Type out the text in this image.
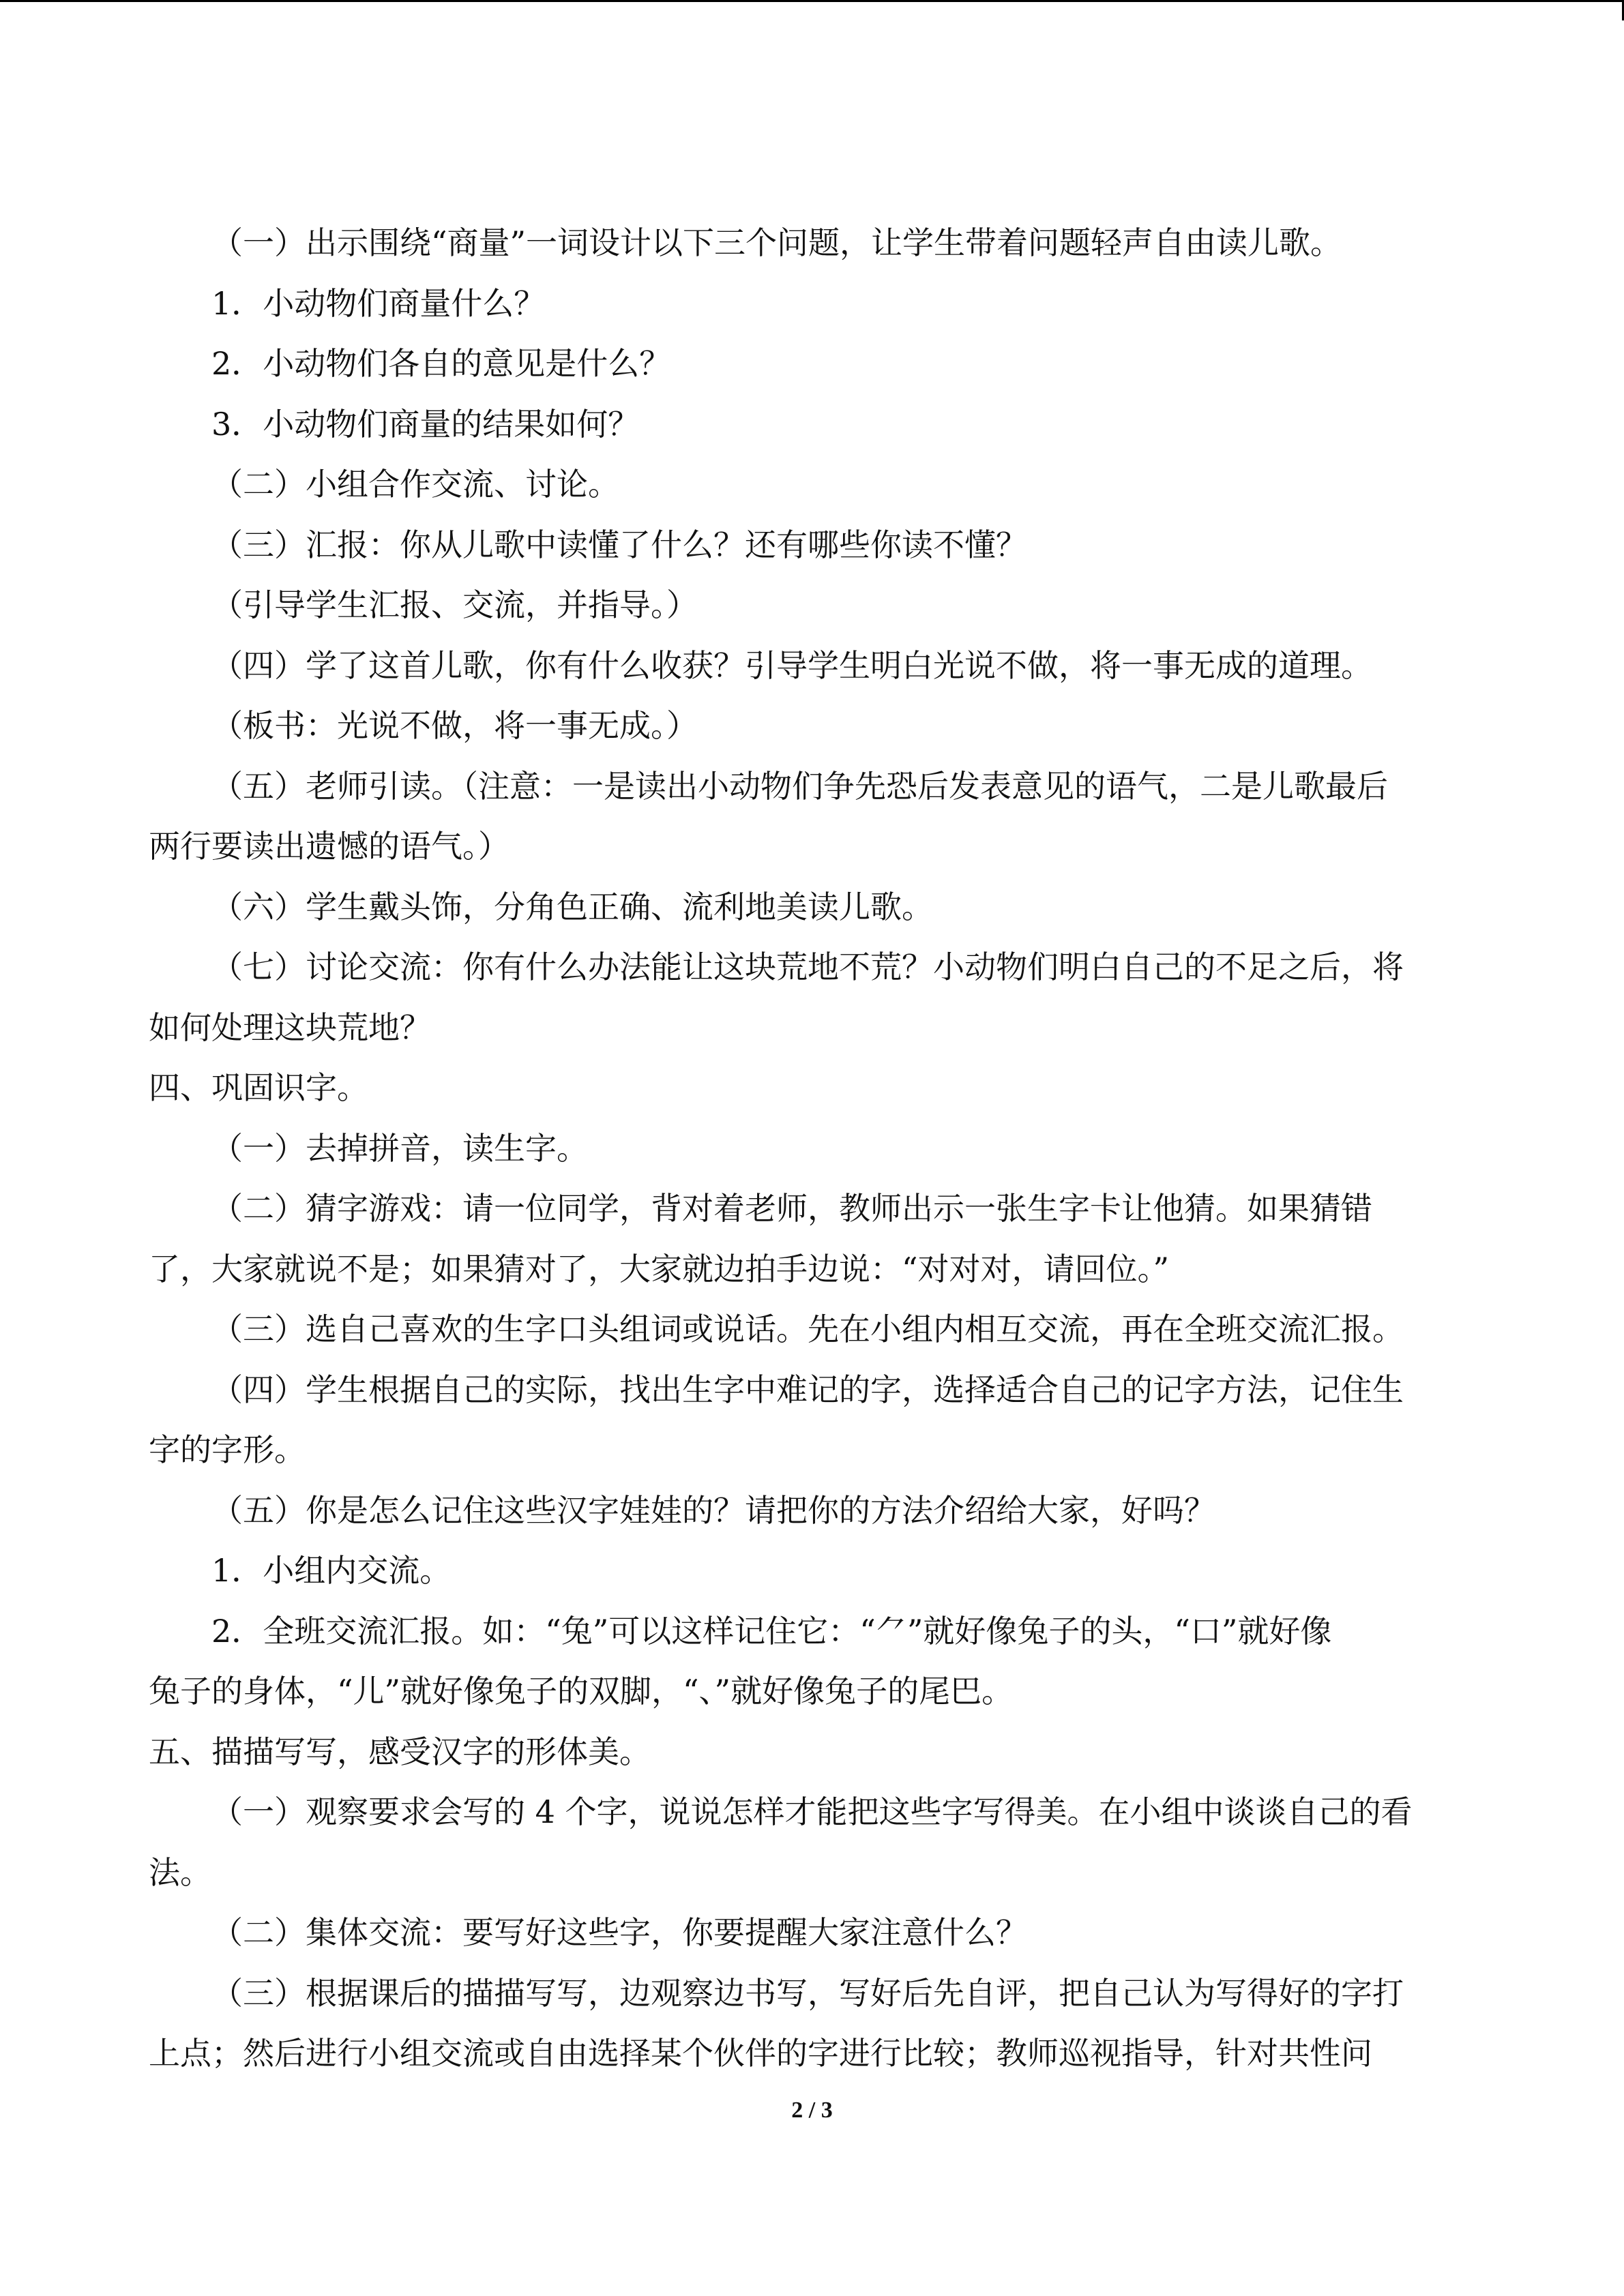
（一）出示围绕“商量”一词设计以下三个问题，让学生带着问题轻声自由读儿歌。
1．小动物们商量什么？
2．小动物们各自的意见是什么？
3．小动物们商量的结果如何？
（二）小组合作交流、讨论。
（三）汇报：你从儿歌中读懂了什么？还有哪些你读不懂？
（引导学生汇报、交流，并指导。）
（四）学了这首儿歌，你有什么收获？引导学生明白光说不做，将一事无成的道理。
（板书：光说不做，将一事无成。）
（五）老师引读。（注意：一是读出小动物们争先恐后发表意见的语气，二是儿歌最后
两行要读出遗憾的语气。）
（六）学生戴头饰，分角色正确、流利地美读儿歌。
（七）讨论交流：你有什么办法能让这块荒地不荒？小动物们明白自己的不足之后，将
如何处理这块荒地？
四、巩固识字。
（一）去掉拼音，读生字。
（二）猜字游戏：请一位同学，背对着老师，教师出示一张生字卡让他猜。如果猜错
了，大家就说不是；如果猜对了，大家就边拍手边说：“对对对，请回位。”
（三）选自己喜欢的生字口头组词或说话。先在小组内相互交流，再在全班交流汇报。
（四）学生根据自己的实际，找出生字中难记的字，选择适合自己的记字方法，记住生
字的字形。
（五）你是怎么记住这些汉字娃娃的？请把你的方法介绍给大家，好吗？
1．小组内交流。
2．全班交流汇报。如：“兔”可以这样记住它：“⺈”就好像兔子的头，“口”就好像
兔子的身体，“儿”就好像兔子的双脚，“、”就好像兔子的尾巴。
五、描描写写，感受汉字的形体美。
（一）观察要求会写的 4 个字，说说怎样才能把这些字写得美。在小组中谈谈自己的看
法。
（二）集体交流：要写好这些字，你要提醒大家注意什么？
（三）根据课后的描描写写，边观察边书写，写好后先自评，把自己认为写得好的字打
上点；然后进行小组交流或自由选择某个伙伴的字进行比较；教师巡视指导，针对共性问
2 / 3
